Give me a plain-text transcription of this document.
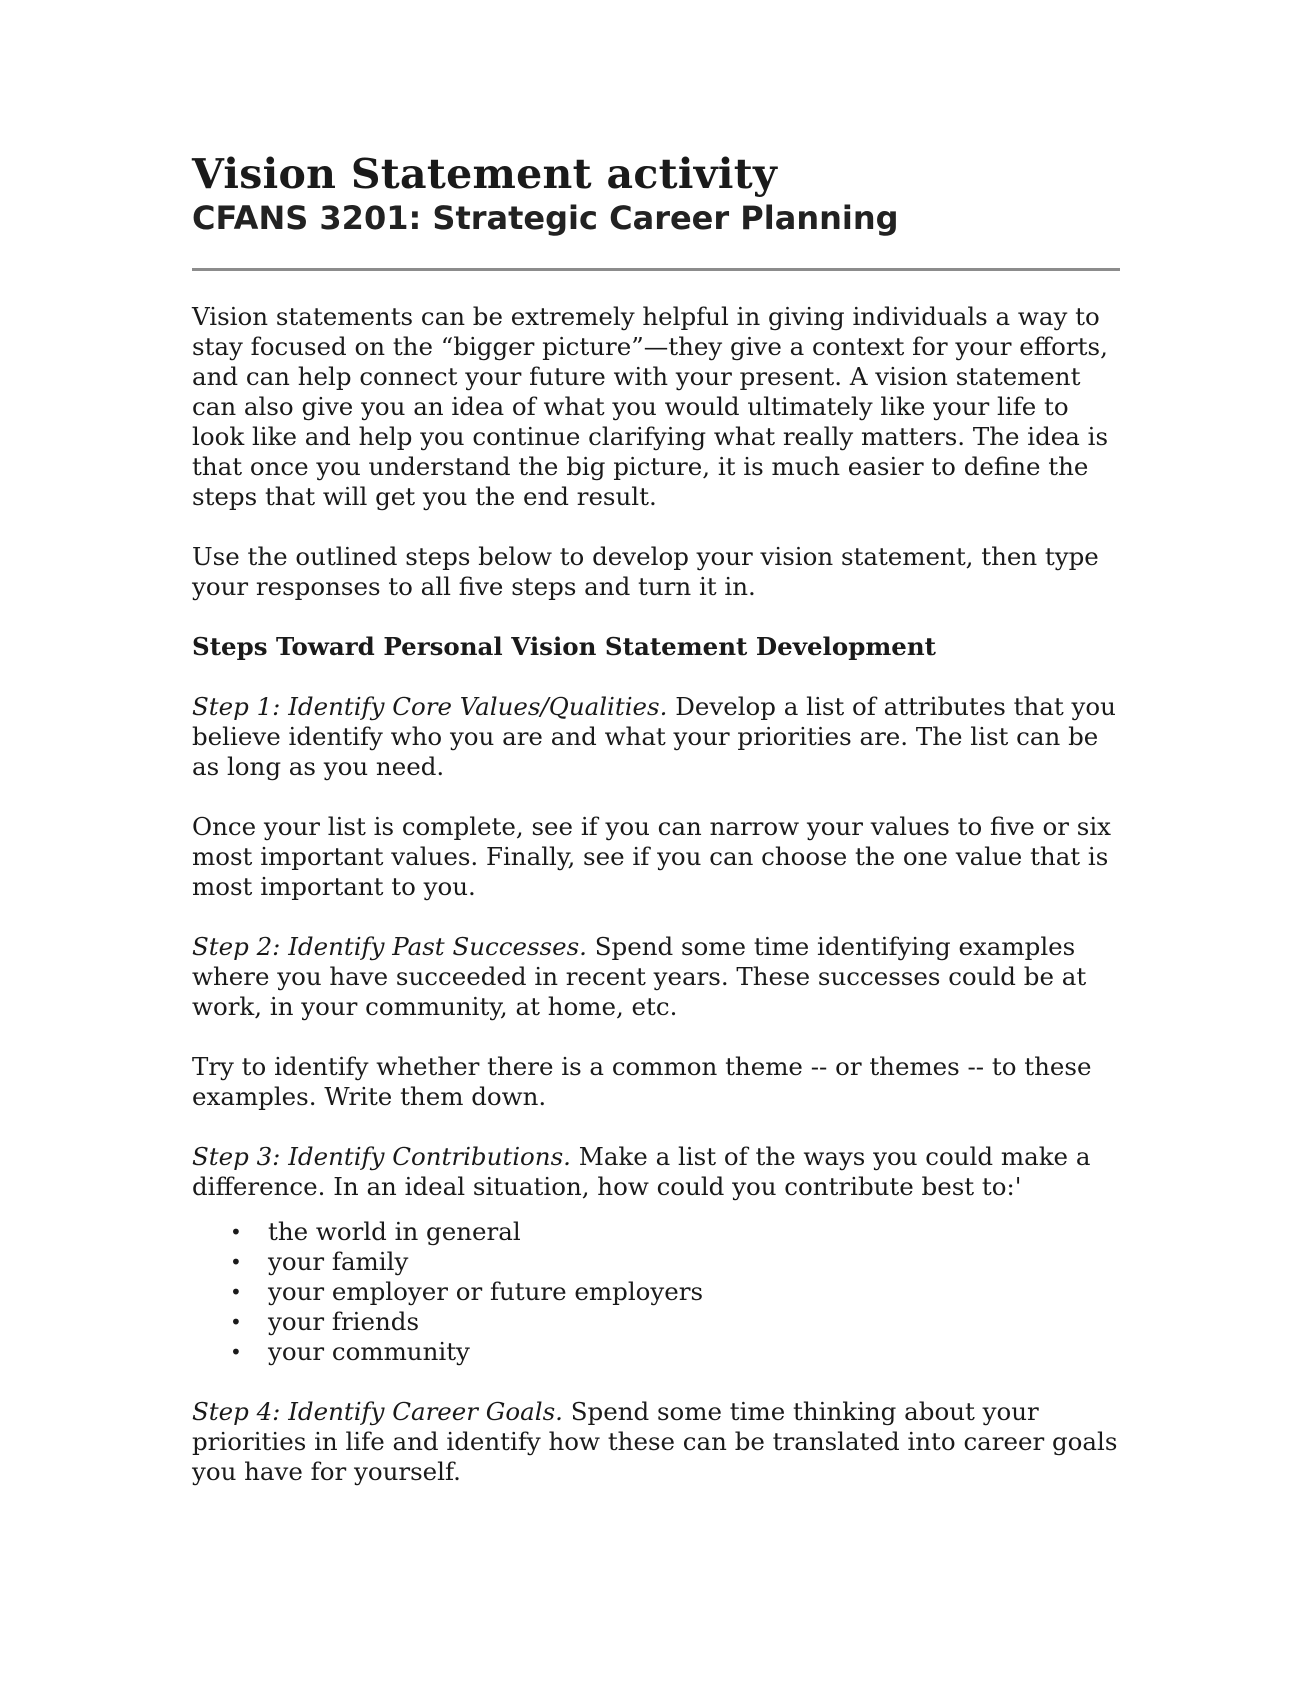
Vision Statement activity
CFANS 3201: Strategic Career Planning

Vision statements can be extremely helpful in giving individuals a way to stay focused on the “bigger picture”—they give a context for your efforts, and can help connect your future with your present. A vision statement can also give you an idea of what you would ultimately like your life to look like and help you continue clarifying what really matters. The idea is that once you understand the big picture, it is much easier to define the steps that will get you the end result.

Use the outlined steps below to develop your vision statement, then type your responses to all five steps and turn it in.

Steps Toward Personal Vision Statement Development

Step 1: Identify Core Values/Qualities. Develop a list of attributes that you believe identify who you are and what your priorities are. The list can be as long as you need.

Once your list is complete, see if you can narrow your values to five or six most important values. Finally, see if you can choose the one value that is most important to you.

Step 2: Identify Past Successes. Spend some time identifying examples where you have succeeded in recent years. These successes could be at work, in your community, at home, etc.

Try to identify whether there is a common theme -- or themes -- to these examples. Write them down.

Step 3: Identify Contributions. Make a list of the ways you could make a difference. In an ideal situation, how could you contribute best to:'

• the world in general
• your family
• your employer or future employers
• your friends
• your community

Step 4: Identify Career Goals. Spend some time thinking about your priorities in life and identify how these can be translated into career goals you have for yourself.
